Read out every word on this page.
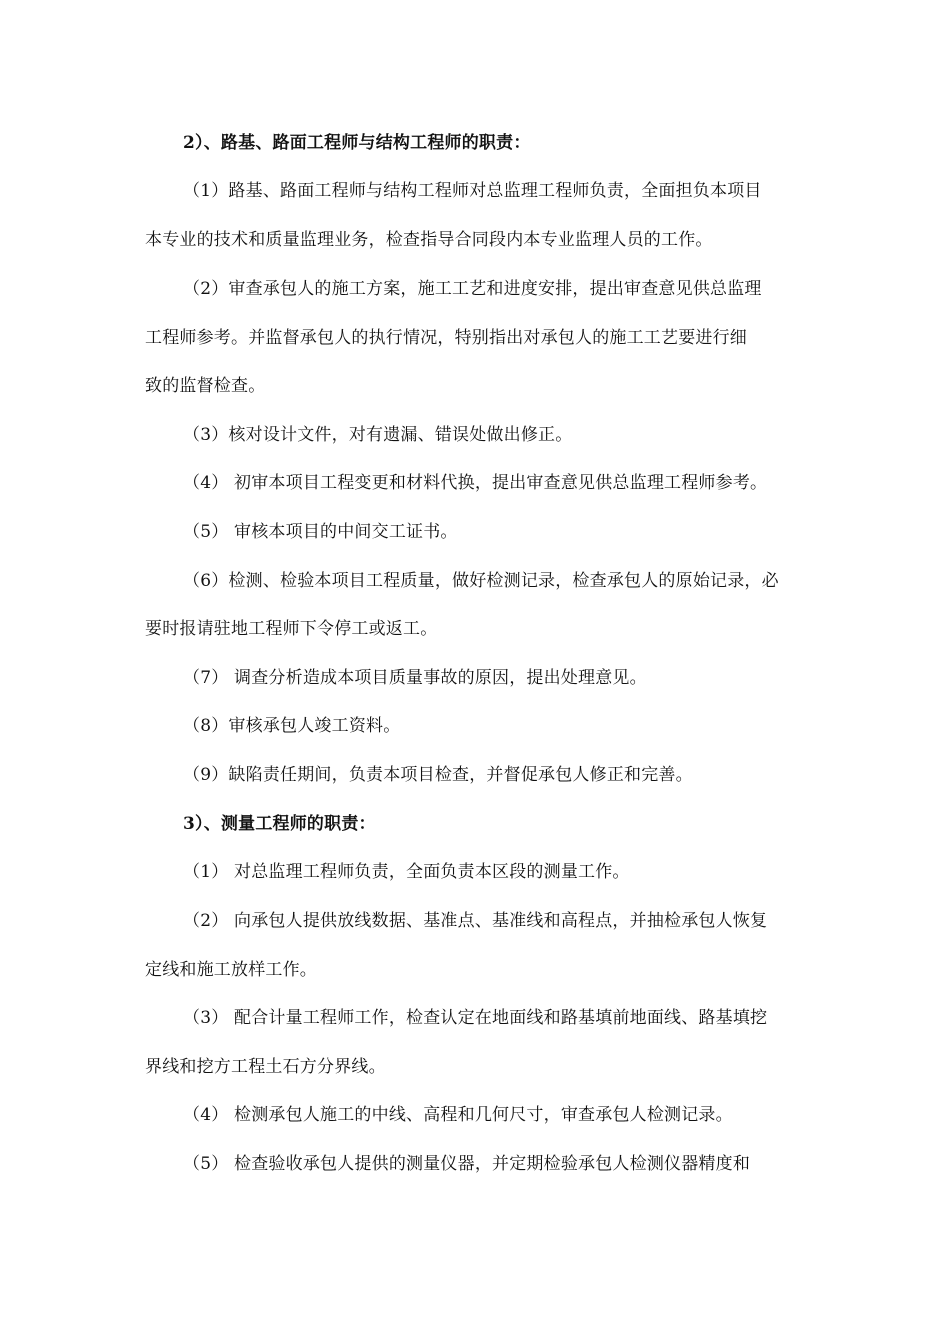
2）、路基、路面工程师与结构工程师的职责：
（1）路基、路面工程师与结构工程师对总监理工程师负责，全面担负本项目
本专业的技术和质量监理业务，检查指导合同段内本专业监理人员的工作。
（2）审查承包人的施工方案，施工工艺和进度安排，提出审查意见供总监理
工程师参考。并监督承包人的执行情况，特别指出对承包人的施工工艺要进行细
致的监督检查。
（3）核对设计文件，对有遗漏、错误处做出修正。
（4） 初审本项目工程变更和材料代换，提出审查意见供总监理工程师参考。
（5） 审核本项目的中间交工证书。
（6）检测、检验本项目工程质量，做好检测记录，检查承包人的原始记录，必
要时报请驻地工程师下令停工或返工。
（7） 调查分析造成本项目质量事故的原因，提出处理意见。
（8）审核承包人竣工资料。
（9）缺陷责任期间，负责本项目检查，并督促承包人修正和完善。
3）、测量工程师的职责：
（1） 对总监理工程师负责，全面负责本区段的测量工作。
（2） 向承包人提供放线数据、基准点、基准线和高程点，并抽检承包人恢复
定线和施工放样工作。
（3） 配合计量工程师工作，检查认定在地面线和路基填前地面线、路基填挖
界线和挖方工程土石方分界线。
（4） 检测承包人施工的中线、高程和几何尺寸，审查承包人检测记录。
（5） 检查验收承包人提供的测量仪器，并定期检验承包人检测仪器精度和
